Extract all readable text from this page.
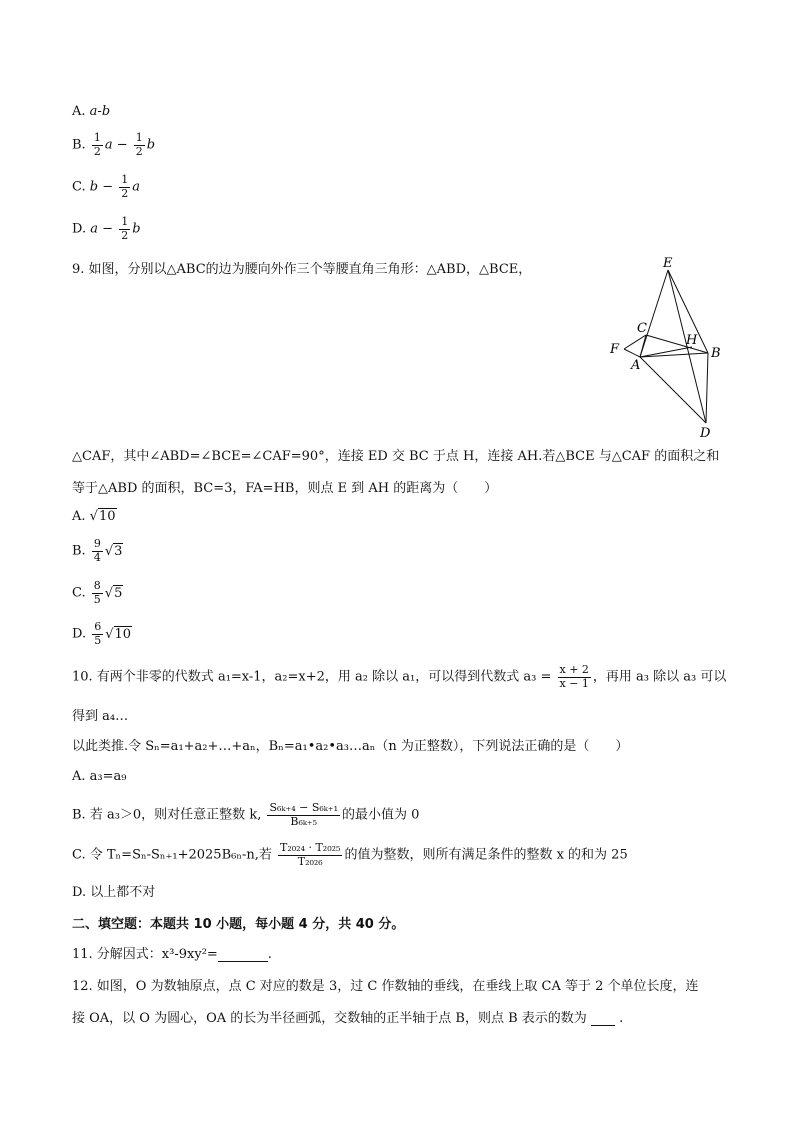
A. a-b
B. $\frac{1}{2}$ $a - \frac{1}{2}$ b
C. $b - \frac{1}{2}$ a
D. $a - \frac{1}{2}$ b
9. 如图，分别以△ABC的边为腰向外作三个等腰直角三角形：△ABD，△BCE，	E
C
H
F	B
A
D
△CAF，其中∠ABD=∠BCE=∠CAF=90°，连接 ED 交 BC 于点 H，连接 AH.若△BCE 与△CAF 的面积之和
等于△ABD 的面积，BC=3，FA=HB，则点 E 到 AH 的距离为（　　）
A. √10
B. $\frac{9}{4} √3$
C. $\frac{8}{5} √5$
D. $\frac{6}{5} √10$
10. 有两个非零的代数式 a₁=x-1，a₂=x+2，用 a₂ 除以 a₁，可以得到代数式 $a_3 = \frac{x + 2}{x - 1}$ ，再用 a₃ 除以 a₃ 可以
得到 a₄…
以此类推.令 Sₙ=a₁+a₂+…+aₙ，Bₙ=a₁•a₂•a₃…aₙ（n 为正整数），下列说法正确的是（　　）
A. a₃=a₉
B. 若 a₃＞0，则对任意正整数 k, $\frac{\text{S₆ₖ₊₄ − S₆ₖ₊₁}}{\text{B₆ₖ₊₅}}$ 的最小值为 0
C. 令 Tₙ=Sₙ-Sₙ₊₁+2025B₆ₙ-n,若 $\frac{\text{T₂₀₂₄ · T₂₀₂₅}}{\text{T₂₀₂₆}}$ 的值为整数，则所有满足条件的整数 x 的和为 25
D. 以上都不对
二、填空题：本题共 10 小题，每小题 4 分，共 40 分。
11. 分解因式：x³-9xy²=	.
12. 如图，O 为数轴原点，点 C 对应的数是 3，过 C 作数轴的垂线，在垂线上取 CA 等于 2 个单位长度，连
接 OA，以 O 为圆心，OA 的长为半径画弧，交数轴的正半轴于点 B，则点 B 表示的数为 .
